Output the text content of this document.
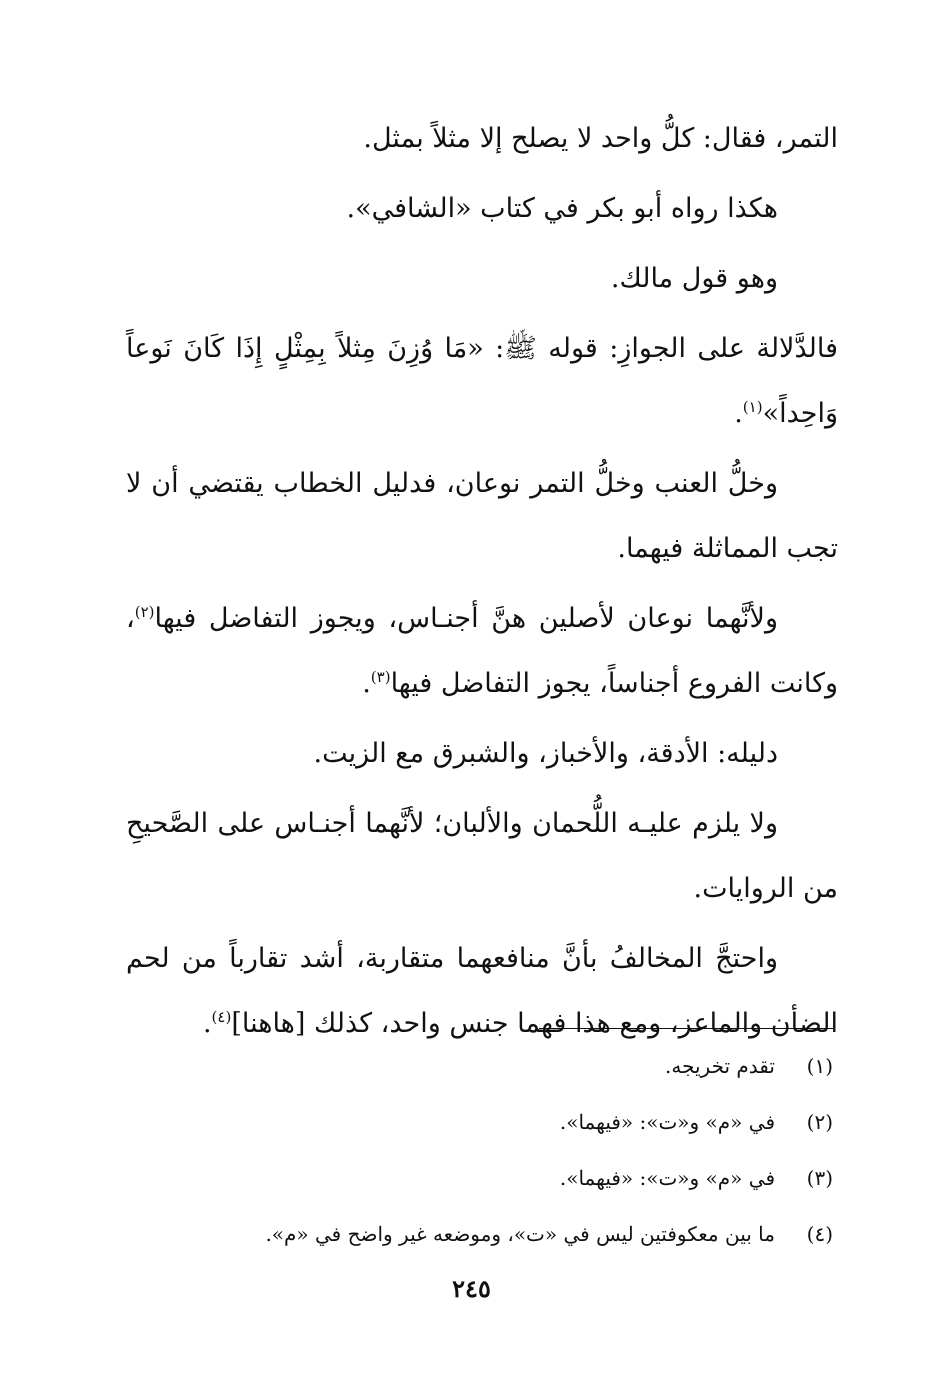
التمر، فقال: كلُّ واحد لا يصلح إلا مثلاً بمثل.

هكذا رواه أبو بكر في كتاب «الشافي».

وهو قول مالك.

فالدَّلالة على الجوازِ: قوله ﷺ: «مَا وُزِنَ مِثلاً بِمِثْلٍ إِذَا كَانَ نَوعاً وَاحِداً»$^{(١)}$.

وخلُّ العنب وخلُّ التمر نوعان، فدليل الخطاب يقتضي أن لا تجب المماثلة فيهما.

ولأنَّهما نوعان لأصلين هنَّ أجنـاس، ويجوز التفاضل فيها$^{(٢)}$، وكانت الفروع أجناساً، يجوز التفاضل فيها$^{(٣)}$.

دليله: الأدقة، والأخباز، والشبرق مع الزيت.

ولا يلزم عليـه اللُّحمان والألبان؛ لأنَّهما أجنـاس على الصَّحيحِ من الروايات.

واحتجَّ المخالفُ بأنَّ منافعهما متقاربة، أشد تقارباً من لحم الضأن والماعز، ومع هذا فهما جنس واحد، كذلك [هاهنا]$^{(٤)}$.

(١)تقدم تخريجه.
(٢)في «م» و«ت»: «فيهما».
(٣)في «م» و«ت»: «فيهما».
(٤)ما بين معكوفتين ليس في «ت»، وموضعه غير واضح في «م».
٢٤٥
